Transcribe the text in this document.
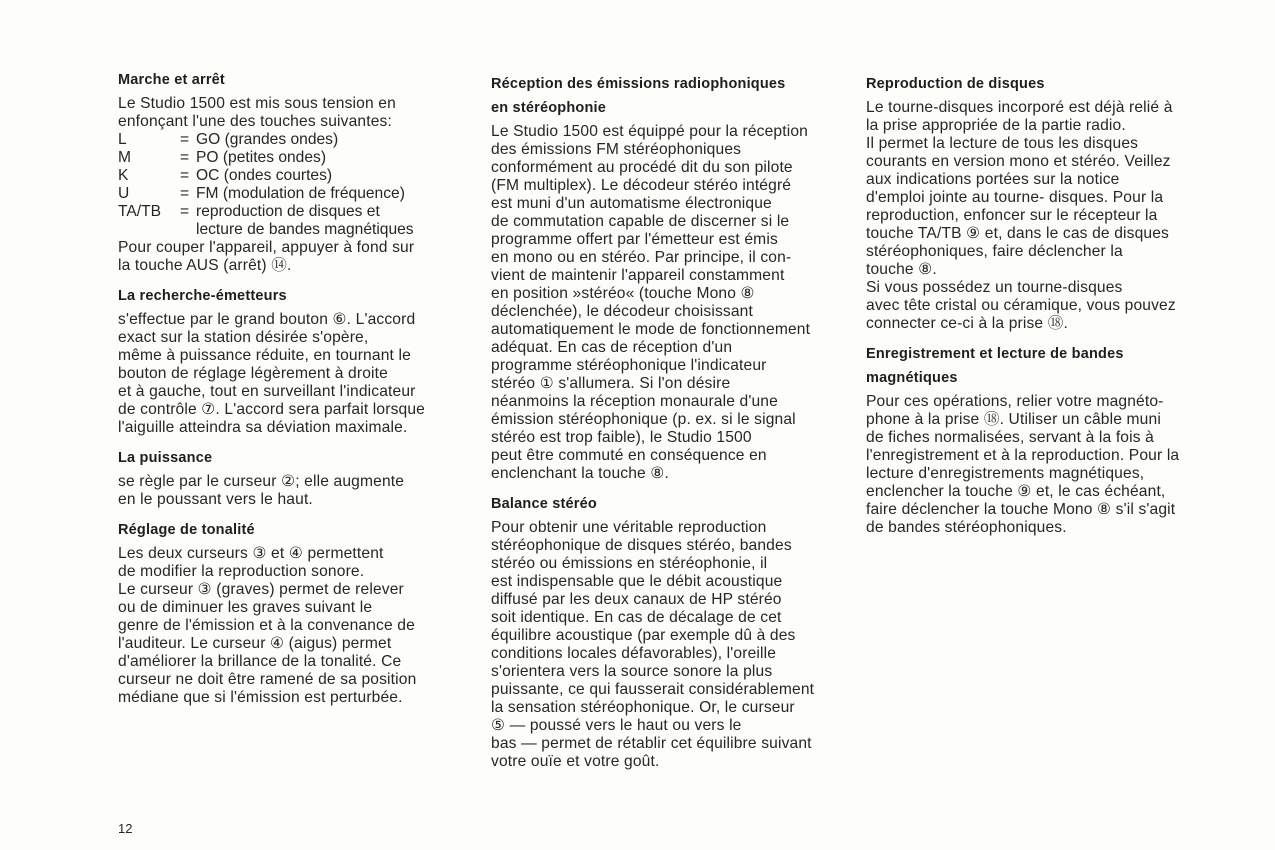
Marche et arrêt
Le Studio 1500 est mis sous tension en
enfonçant l'une des touches suivantes:
L	= GO (grandes ondes)
M	= PO (petites ondes)
K	= OC (ondes courtes)
U	= FM (modulation de fréquence)
TA/TB	= reproduction de disques et
lecture de bandes magnétiques
Pour couper l'appareil, appuyer à fond sur
la touche AUS (arrêt) ⑭.
La recherche-émetteurs
s'effectue par le grand bouton ⑥. L'accord
exact sur la station désirée s'opère,
même à puissance réduite, en tournant le
bouton de réglage légèrement à droite
et à gauche, tout en surveillant l'indicateur
de contrôle ⑦. L'accord sera parfait lorsque
l'aiguille atteindra sa déviation maximale.
La puissance
se règle par le curseur ②; elle augmente
en le poussant vers le haut.
Réglage de tonalité
Les deux curseurs ③ et ④ permettent
de modifier la reproduction sonore.
Le curseur ③ (graves) permet de relever
ou de diminuer les graves suivant le
genre de l'émission et à la convenance de
l'auditeur. Le curseur ④ (aigus) permet
d'améliorer la brillance de la tonalité. Ce
curseur ne doit être ramené de sa position
médiane que si l'émission est perturbée.
Réception des émissions radiophoniques
en stéréophonie
Le Studio 1500 est équippé pour la réception
des émissions FM stéréophoniques
conformément au procédé dit du son pilote
(FM multiplex). Le décodeur stéréo intégré
est muni d'un automatisme électronique
de commutation capable de discerner si le
programme offert par l'émetteur est émis
en mono ou en stéréo. Par principe, il con-
vient de maintenir l'appareil constamment
en position »stéréo« (touche Mono ⑧
déclenchée), le décodeur choisissant
automatiquement le mode de fonctionnement
adéquat. En cas de réception d'un
programme stéréophonique l'indicateur
stéréo ① s'allumera. Si l'on désire
néanmoins la réception monaurale d'une
émission stéréophonique (p. ex. si le signal
stéréo est trop faible), le Studio 1500
peut être commuté en conséquence en
enclenchant la touche ⑧.
Balance stéréo
Pour obtenir une véritable reproduction
stéréophonique de disques stéréo, bandes
stéréo ou émissions en stéréophonie, il
est indispensable que le débit acoustique
diffusé par les deux canaux de HP stéréo
soit identique. En cas de décalage de cet
équilibre acoustique (par exemple dû à des
conditions locales défavorables), l'oreille
s'orientera vers la source sonore la plus
puissante, ce qui fausserait considérablement
la sensation stéréophonique. Or, le curseur
⑤ — poussé vers le haut ou vers le
bas — permet de rétablir cet équilibre suivant
votre ouïe et votre goût.
Reproduction de disques
Le tourne-disques incorporé est déjà relié à
la prise appropriée de la partie radio.
Il permet la lecture de tous les disques
courants en version mono et stéréo. Veillez
aux indications portées sur la notice
d'emploi jointe au tourne- disques. Pour la
reproduction, enfoncer sur le récepteur la
touche TA/TB ⑨ et, dans le cas de disques
stéréophoniques, faire déclencher la
touche ⑧.
Si vous possédez un tourne-disques
avec tête cristal ou céramique, vous pouvez
connecter ce-ci à la prise ⑱.
Enregistrement et lecture de bandes
magnétiques
Pour ces opérations, relier votre magnéto-
phone à la prise ⑱. Utiliser un câble muni
de fiches normalisées, servant à la fois à
l'enregistrement et à la reproduction. Pour la
lecture d'enregistrements magnétiques,
enclencher la touche ⑨ et, le cas échéant,
faire déclencher la touche Mono ⑧ s'il s'agit
de bandes stéréophoniques.
12
